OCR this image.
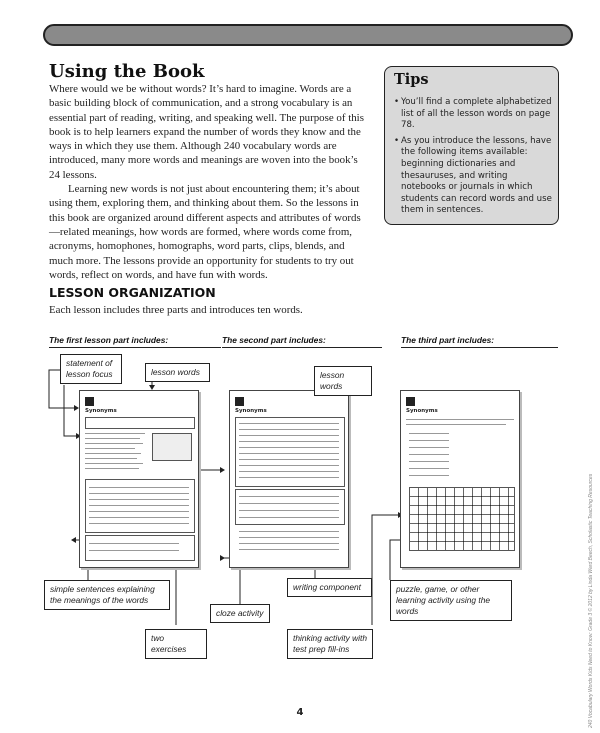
Using the Book

Where would we be without words? It’s hard to imagine. Words are a basic building block of communication, and a strong vocabulary is an essential part of reading, writing, and speaking well. The purpose of this book is to help learners expand the number of words they know and the ways in which they use them. Although 240 vocabulary words are introduced, many more words and meanings are woven into the book’s 24 lessons.

Learning new words is not just about encountering them; it’s about using them, exploring them, and thinking about them. So the lessons in this book are organized around different aspects and attributes of words—related meanings, how words are formed, where words come from, acronyms, homophones, homographs, word parts, clips, blends, and much more. The lessons provide an opportunity for students to try out words, reflect on words, and have fun with words.

Tips
• You’ll find a complete alphabetized list of all the lesson words on page 78.
• As you introduce the lessons, have the following items available: beginning dictionaries and thesauruses, and writing notebooks or journals in which students can record words and use them in sentences.
LESSON ORGANIZATION
Each lesson includes three parts and introduces ten words.
The first lesson part includes:	The second part includes:	The third part includes:
Synonyms	Synonyms	Synonyms
statement of lesson focus	lesson words	lesson words
simple sentences explaining the meanings of the words
cloze activity
two exercises
writing component
thinking activity with test prep fill-ins
puzzle, game, or other learning activity using the words	240 Vocabulary Words Kids Need to Know: Grade 3 © 2012 by Linda Ward Beech, Scholastic Teaching Resources
4
